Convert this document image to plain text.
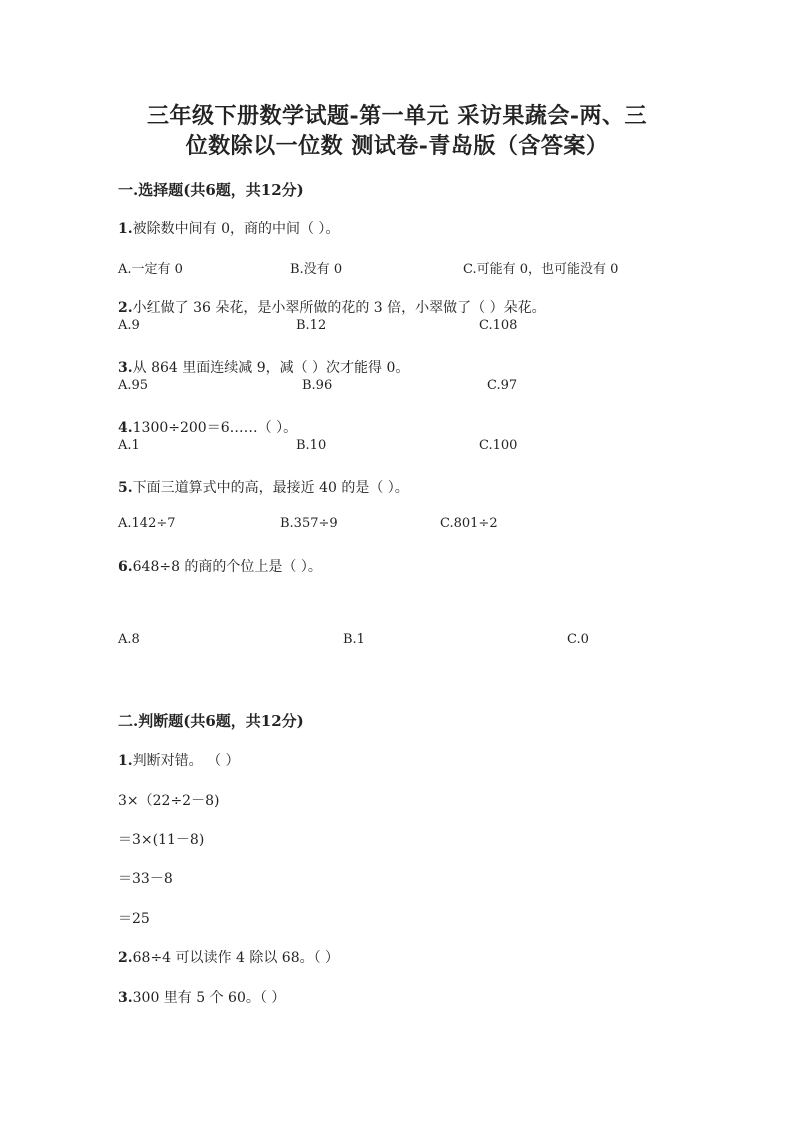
三年级下册数学试题-第一单元 采访果蔬会-两、三
位数除以一位数 测试卷-青岛版（含答案）
一.选择题(共6题，共12分)
1.被除数中间有 0，商的中间（ ）。
A.一定有 0	B.没有 0	C.可能有 0，也可能没有 0
2.小红做了 36 朵花，是小翠所做的花的 3 倍，小翠做了（ ）朵花。
A.9	B.12	C.108
3.从 864 里面连续减 9，减（ ）次才能得 0。
A.95	B.96	C.97
4.1300÷200＝6……（ ）。
A.1	B.10	C.100
5.下面三道算式中的高，最接近 40 的是（ ）。
A.142÷7	B.357÷9	C.801÷2
6.648÷8 的商的个位上是（ ）。
A.8	B.1	C.0
二.判断题(共6题，共12分)
1.判断对错。 （ ）
3×（22÷2－8)
＝3×(11－8)
＝33－8
＝25
2.68÷4 可以读作 4 除以 68。（ ）
3.300 里有 5 个 60。（ ）
